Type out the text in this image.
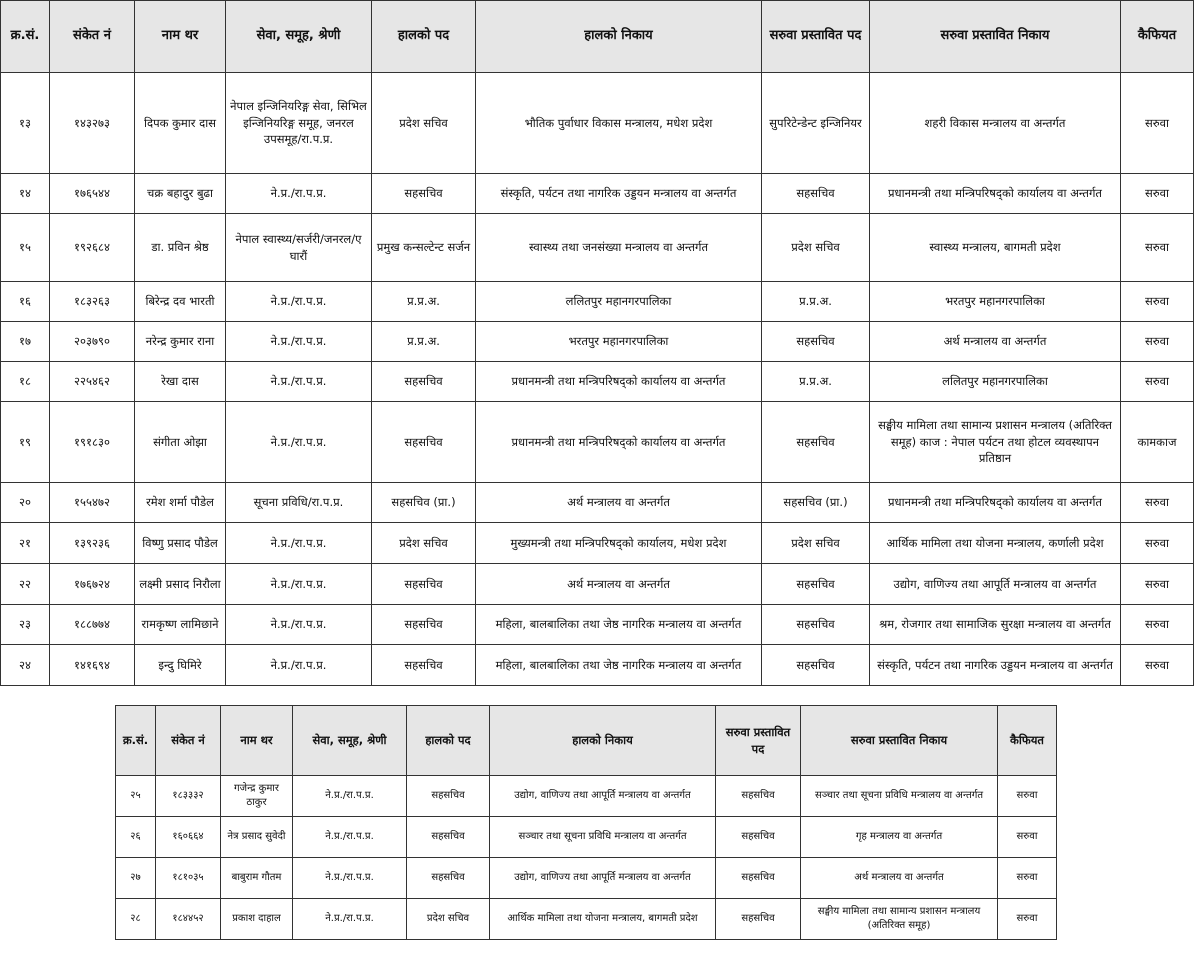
क्र.सं.	संकेत नं	नाम थर	सेवा, समूह, श्रेणी	हालको पद	हालको निकाय	सरुवा प्रस्तावित पद	सरुवा प्रस्तावित निकाय	कैफियत
१३	१४३२७३	दिपक कुमार दास	नेपाल इन्जिनियरिङ्ग सेवा, सिभिल इन्जिनियरिङ्ग समूह, जनरल उपसमूह/रा.प.प्र.	प्रदेश सचिव	भौतिक पुर्वाधार विकास मन्त्रालय, मधेश प्रदेश	सुपरिटेन्डेन्ट इन्जिनियर	शहरी विकास मन्त्रालय वा अन्तर्गत	सरुवा
१४	१७६५४४	चक्र बहादुर बुढा	ने.प्र./रा.प.प्र.	सहसचिव	संस्कृति, पर्यटन तथा नागरिक उड्डयन मन्त्रालय वा अन्तर्गत	सहसचिव	प्रधानमन्त्री तथा मन्त्रिपरिषद्को कार्यालय वा अन्तर्गत	सरुवा
१५	१९२६८४	डा. प्रविन श्रेष्ठ	नेपाल स्वास्थ्य/सर्जरी/जनरल/ए घारौं	प्रमुख कन्सल्टेन्ट सर्जन	स्वास्थ्य तथा जनसंख्या मन्त्रालय वा अन्तर्गत	प्रदेश सचिव	स्वास्थ्य मन्त्रालय, बागमती प्रदेश	सरुवा
१६	१८३२६३	बिरेन्द्र दव भारती	ने.प्र./रा.प.प्र.	प्र.प्र.अ.	ललितपुर महानगरपालिका	प्र.प्र.अ.	भरतपुर महानगरपालिका	सरुवा
१७	२०३७९०	नरेन्द्र कुमार राना	ने.प्र./रा.प.प्र.	प्र.प्र.अ.	भरतपुर महानगरपालिका	सहसचिव	अर्थ मन्त्रालय वा अन्तर्गत	सरुवा
१८	२२५४६२	रेखा दास	ने.प्र./रा.प.प्र.	सहसचिव	प्रधानमन्त्री तथा मन्त्रिपरिषद्को कार्यालय वा अन्तर्गत	प्र.प्र.अ.	ललितपुर महानगरपालिका	सरुवा
१९	१९१८३०	संगीता ओझा	ने.प्र./रा.प.प्र.	सहसचिव	प्रधानमन्त्री तथा मन्त्रिपरिषद्को कार्यालय वा अन्तर्गत	सहसचिव	सङ्घीय मामिला तथा सामान्य प्रशासन मन्त्रालय (अतिरिक्त समूह) काज : नेपाल पर्यटन तथा होटल व्यवस्थापन प्रतिष्ठान	कामकाज
२०	१५५४७२	रमेश शर्मा पौडेल	सूचना प्रविधि/रा.प.प्र.	सहसचिव (प्रा.)	अर्थ मन्त्रालय वा अन्तर्गत	सहसचिव (प्रा.)	प्रधानमन्त्री तथा मन्त्रिपरिषद्को कार्यालय वा अन्तर्गत	सरुवा
२१	१३९२३६	विष्णु प्रसाद पौडेल	ने.प्र./रा.प.प्र.	प्रदेश सचिव	मुख्यमन्त्री तथा मन्त्रिपरिषद्को कार्यालय, मधेश प्रदेश	प्रदेश सचिव	आर्थिक मामिला तथा योजना मन्त्रालय, कर्णाली प्रदेश	सरुवा
२२	१७६७२४	लक्ष्मी प्रसाद निरौला	ने.प्र./रा.प.प्र.	सहसचिव	अर्थ मन्त्रालय वा अन्तर्गत	सहसचिव	उद्योग, वाणिज्य तथा आपूर्ति मन्त्रालय वा अन्तर्गत	सरुवा
२३	१८८७७४	रामकृष्ण लामिछाने	ने.प्र./रा.प.प्र.	सहसचिव	महिला, बालबालिका तथा जेष्ठ नागरिक मन्त्रालय वा अन्तर्गत	सहसचिव	श्रम, रोजगार तथा सामाजिक सुरक्षा मन्त्रालय वा अन्तर्गत	सरुवा
२४	१४१६९४	इन्दु घिमिरे	ने.प्र./रा.प.प्र.	सहसचिव	महिला, बालबालिका तथा जेष्ठ नागरिक मन्त्रालय वा अन्तर्गत	सहसचिव	संस्कृति, पर्यटन तथा नागरिक उड्डयन मन्त्रालय वा अन्तर्गत	सरुवा
क्र.सं.	संकेत नं	नाम थर	सेवा, समूह, श्रेणी	हालको पद	हालको निकाय	सरुवा प्रस्तावित पद	सरुवा प्रस्तावित निकाय	कैफियत
२५	१८३३३२	गजेन्द्र कुमार ठाकुर	ने.प्र./रा.प.प्र.	सहसचिव	उद्योग, वाणिज्य तथा आपूर्ति मन्त्रालय वा अन्तर्गत	सहसचिव	सञ्चार तथा सूचना प्रविधि मन्त्रालय वा अन्तर्गत	सरुवा
२६	१६०६६४	नेत्र प्रसाद सुवेदी	ने.प्र./रा.प.प्र.	सहसचिव	सञ्चार तथा सूचना प्रविधि मन्त्रालय वा अन्तर्गत	सहसचिव	गृह मन्त्रालय वा अन्तर्गत	सरुवा
२७	१८१०३५	बाबुराम गौतम	ने.प्र./रा.प.प्र.	सहसचिव	उद्योग, वाणिज्य तथा आपूर्ति मन्त्रालय वा अन्तर्गत	सहसचिव	अर्थ मन्त्रालय वा अन्तर्गत	सरुवा
२८	१८४४५२	प्रकाश दाहाल	ने.प्र./रा.प.प्र.	प्रदेश सचिव	आर्थिक मामिला तथा योजना मन्त्रालय, बागमती प्रदेश	सहसचिव	सङ्घीय मामिला तथा सामान्य प्रशासन मन्त्रालय (अतिरिक्त समूह)	सरुवा
